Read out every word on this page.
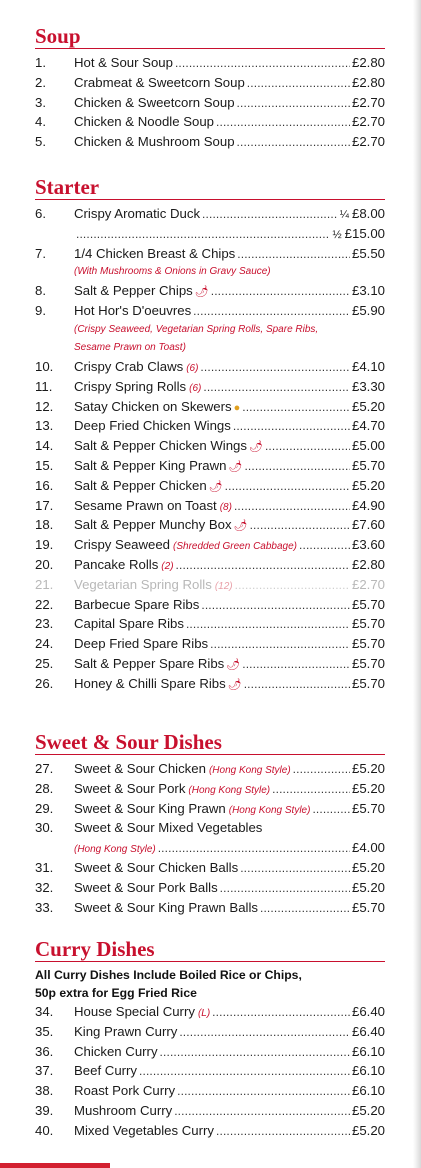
Soup
1.	Hot & Sour Soup . . .	£2.80
2.	Crabmeat & Sweetcorn Soup . . .	£2.80
3.	Chicken & Sweetcorn Soup . . .	£2.70
4.	Chicken & Noodle Soup . . .	£2.70
5.	Chicken & Mushroom Soup . . .	£2.70
Starter
6.	Crispy Aromatic Duck . . .	¼ £8.00
. . .
½ £15.00
7.	1/4 Chicken Breast & Chips . . .	£5.50
(With Mushrooms & Onions in Gravy Sauce)
8.	Salt & Pepper Chips 🌶 . . .	£3.10
9.	Hot Hor's D'oeuvres . . .	£5.90
(Crispy Seaweed, Vegetarian Spring Rolls, Spare Ribs,
Sesame Prawn on Toast)
10.	Crispy Crab Claws (6) . . .	£4.10
11.	Crispy Spring Rolls (6) . . .	£3.30
12.	Satay Chicken on Skewers ● . . .	£5.20
13.	Deep Fried Chicken Wings . . .	£4.70
14.	Salt & Pepper Chicken Wings 🌶 . . .	£5.00
15.	Salt & Pepper King Prawn 🌶 . . .	£5.70
16.	Salt & Pepper Chicken 🌶 . . .	£5.20
17.	Sesame Prawn on Toast (8) . . .	£4.90
18.	Salt & Pepper Munchy Box 🌶 . . .	£7.60
19.	Crispy Seaweed (Shredded Green Cabbage) . . .	£3.60
20.	Pancake Rolls (2) . . .	£2.80
21.	Vegetarian Spring Rolls (12) . . .	£2.70
22.	Barbecue Spare Ribs . . .	£5.70
23.	Capital Spare Ribs . . .	£5.70
24.	Deep Fried Spare Ribs . . .	£5.70
25.	Salt & Pepper Spare Ribs 🌶 . . .	£5.70
26.	Honey & Chilli Spare Ribs 🌶 . . .	£5.70
Sweet & Sour Dishes
27.	Sweet & Sour Chicken (Hong Kong Style) . . .	£5.20
28.	Sweet & Sour Pork (Hong Kong Style) . . .	£5.20
29.	Sweet & Sour King Prawn (Hong Kong Style) . . .	£5.70
30.	Sweet & Sour Mixed Vegetables
(Hong Kong Style) . . .	£4.00
31.	Sweet & Sour Chicken Balls . . .	£5.20
32.	Sweet & Sour Pork Balls . . .	£5.20
33.	Sweet & Sour King Prawn Balls . . .	£5.70
Curry Dishes
All Curry Dishes Include Boiled Rice or Chips,
50p extra for Egg Fried Rice
34.	House Special Curry (L) . . .	£6.40
35.	King Prawn Curry . . .	£6.40
36.	Chicken Curry . . .	£6.10
37.	Beef Curry . . .	£6.10
38.	Roast Pork Curry . . .	£6.10
39.	Mushroom Curry . . .	£5.20
40.	Mixed Vegetables Curry . . .	£5.20
